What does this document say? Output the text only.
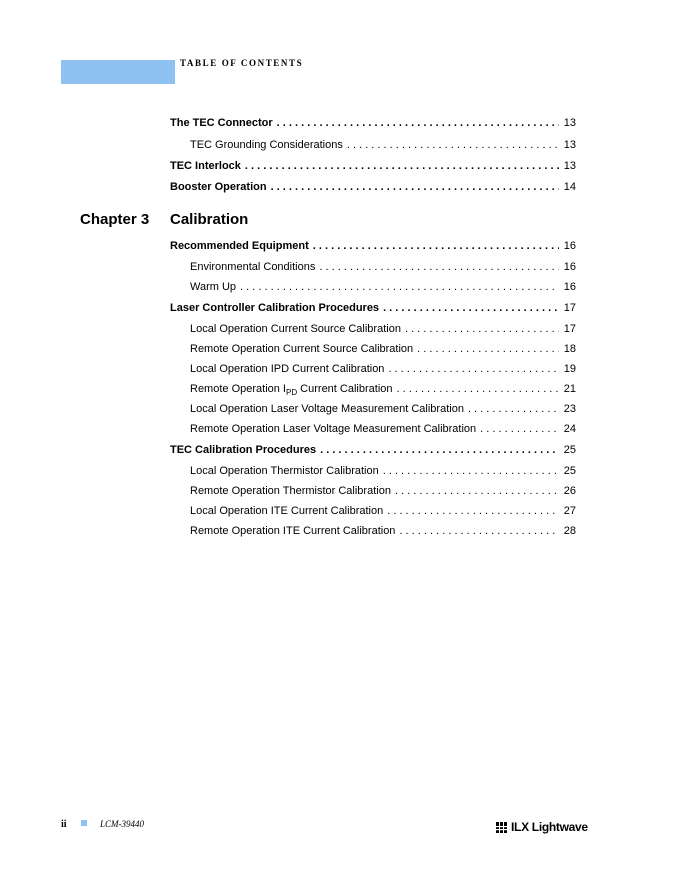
TABLE OF CONTENTS
The TEC Connector . . .	13
TEC Grounding Considerations . . .	13
TEC Interlock . . .	13
Booster Operation . . .	14
Chapter 3 Calibration
Recommended Equipment . . .	16
Environmental Conditions . . .	16
Warm Up . . .	16
Laser Controller Calibration Procedures . . .	17
Local Operation Current Source Calibration . . .	17
Remote Operation Current Source Calibration . . .	18
Local Operation IPD Current Calibration . . .	19
Remote Operation $I_{PD}$ Current Calibration . . .	21
Local Operation Laser Voltage Measurement Calibration . . .	23
Remote Operation Laser Voltage Measurement Calibration . . .	24
TEC Calibration Procedures . . .	25
Local Operation Thermistor Calibration . . .	25
Remote Operation Thermistor Calibration . . .	26
Local Operation ITE Current Calibration . . .	27
Remote Operation ITE Current Calibration . . .	28
ii	LCM-39440	ILX Lightwave
